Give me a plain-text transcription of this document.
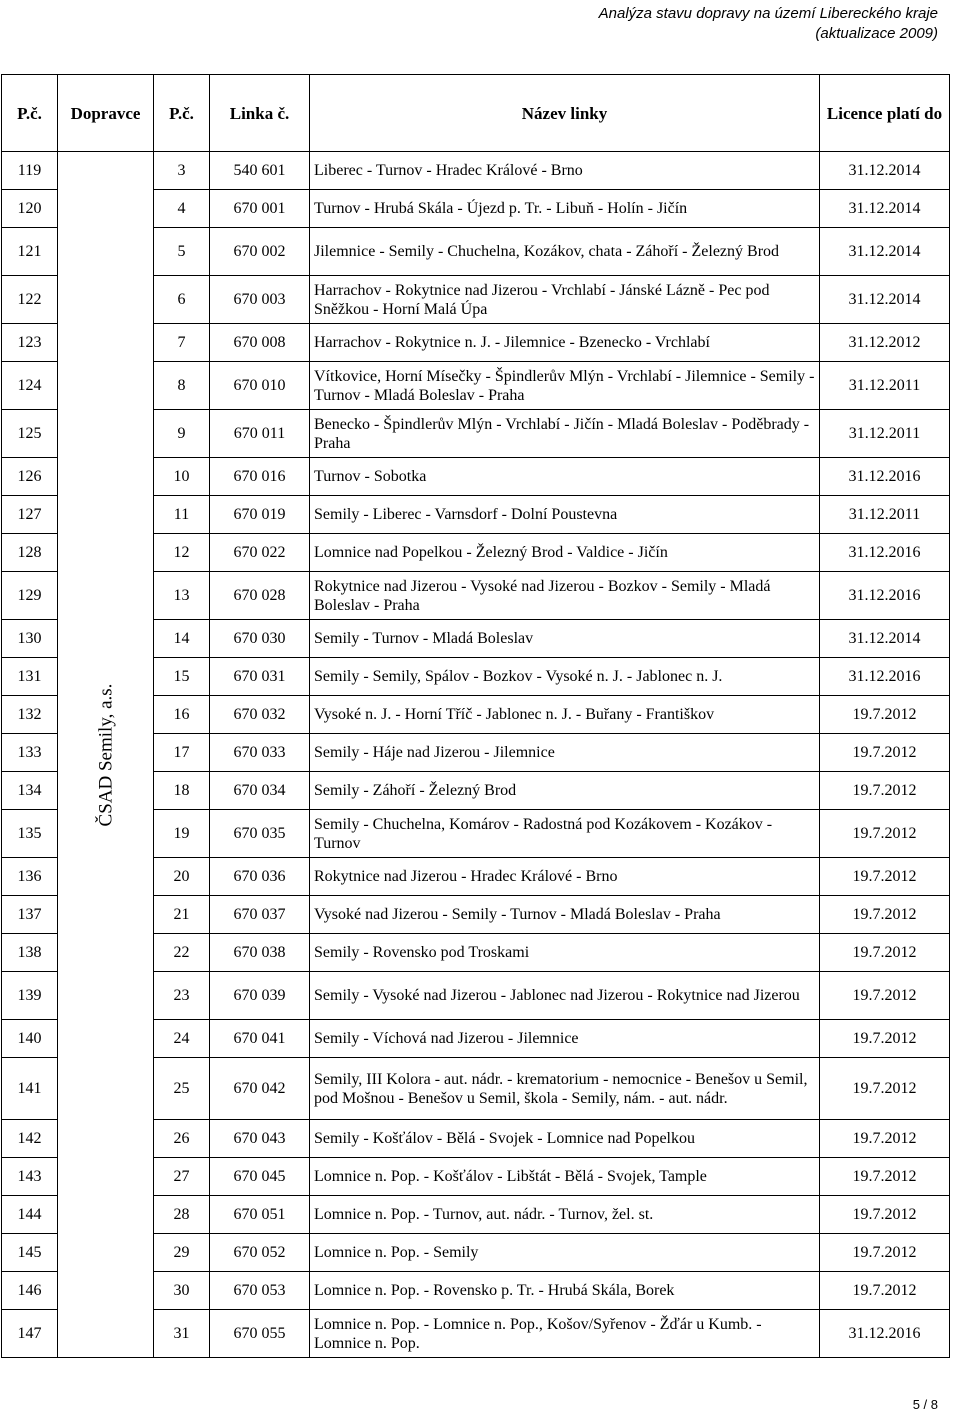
Analýza stavu dopravy na území Libereckého kraje
(aktualizace 2009)
P.č.	Dopravce	P.č.	Linka č.	Název linky	Licence platí do
119	ČSAD Semily, a.s.	3	540 601	Liberec - Turnov - Hradec Králové - Brno	31.12.2014
120		4	670 001	Turnov - Hrubá Skála - Újezd p. Tr. - Libuň - Holín - Jičín	31.12.2014
121		5	670 002	Jilemnice - Semily - Chuchelna, Kozákov, chata - Záhoří - Železný Brod	31.12.2014
122		6	670 003	Harrachov - Rokytnice nad Jizerou - Vrchlabí - Jánské Lázně - Pec pod Sněžkou - Horní Malá Úpa	31.12.2014
123		7	670 008	Harrachov - Rokytnice n. J. - Jilemnice - Bzenecko - Vrchlabí	31.12.2012
124		8	670 010	Vítkovice, Horní Mísečky - Špindlerův Mlýn - Vrchlabí - Jilemnice - Semily - Turnov - Mladá Boleslav - Praha	31.12.2011
125		9	670 011	Benecko - Špindlerův Mlýn - Vrchlabí - Jičín - Mladá Boleslav - Poděbrady - Praha	31.12.2011
126		10	670 016	Turnov - Sobotka	31.12.2016
127		11	670 019	Semily - Liberec - Varnsdorf - Dolní Poustevna	31.12.2011
128		12	670 022	Lomnice nad Popelkou - Železný Brod - Valdice - Jičín	31.12.2016
129		13	670 028	Rokytnice nad Jizerou - Vysoké nad Jizerou - Bozkov - Semily - Mladá Boleslav - Praha	31.12.2016
130		14	670 030	Semily - Turnov - Mladá Boleslav	31.12.2014
131		15	670 031	Semily - Semily, Spálov - Bozkov - Vysoké n. J. - Jablonec n. J.	31.12.2016
132		16	670 032	Vysoké n. J. - Horní Tříč - Jablonec n. J. - Buřany - Františkov	19.7.2012
133		17	670 033	Semily - Háje nad Jizerou - Jilemnice	19.7.2012
134		18	670 034	Semily - Záhoří - Železný Brod	19.7.2012
135		19	670 035	Semily - Chuchelna, Komárov - Radostná pod Kozákovem - Kozákov - Turnov	19.7.2012
136		20	670 036	Rokytnice nad Jizerou - Hradec Králové - Brno	19.7.2012
137		21	670 037	Vysoké nad Jizerou - Semily - Turnov - Mladá Boleslav - Praha	19.7.2012
138		22	670 038	Semily - Rovensko pod Troskami	19.7.2012
139		23	670 039	Semily - Vysoké nad Jizerou - Jablonec nad Jizerou - Rokytnice nad Jizerou	19.7.2012
140		24	670 041	Semily - Víchová nad Jizerou - Jilemnice	19.7.2012
141		25	670 042	Semily, III Kolora - aut. nádr. - krematorium - nemocnice - Benešov u Semil, pod Mošnou - Benešov u Semil, škola - Semily, nám. - aut. nádr.	19.7.2012
142		26	670 043	Semily - Košťálov - Bělá - Svojek - Lomnice nad Popelkou	19.7.2012
143		27	670 045	Lomnice n. Pop. - Košťálov - Libštát - Bělá - Svojek, Tample	19.7.2012
144		28	670 051	Lomnice n. Pop. - Turnov, aut. nádr. - Turnov, žel. st.	19.7.2012
145		29	670 052	Lomnice n. Pop. - Semily	19.7.2012
146		30	670 053	Lomnice n. Pop. - Rovensko p. Tr. - Hrubá Skála, Borek	19.7.2012
147		31	670 055	Lomnice n. Pop. - Lomnice n. Pop., Košov/Syřenov - Žďár u Kumb. - Lomnice n. Pop.	31.12.2016
5 / 8
